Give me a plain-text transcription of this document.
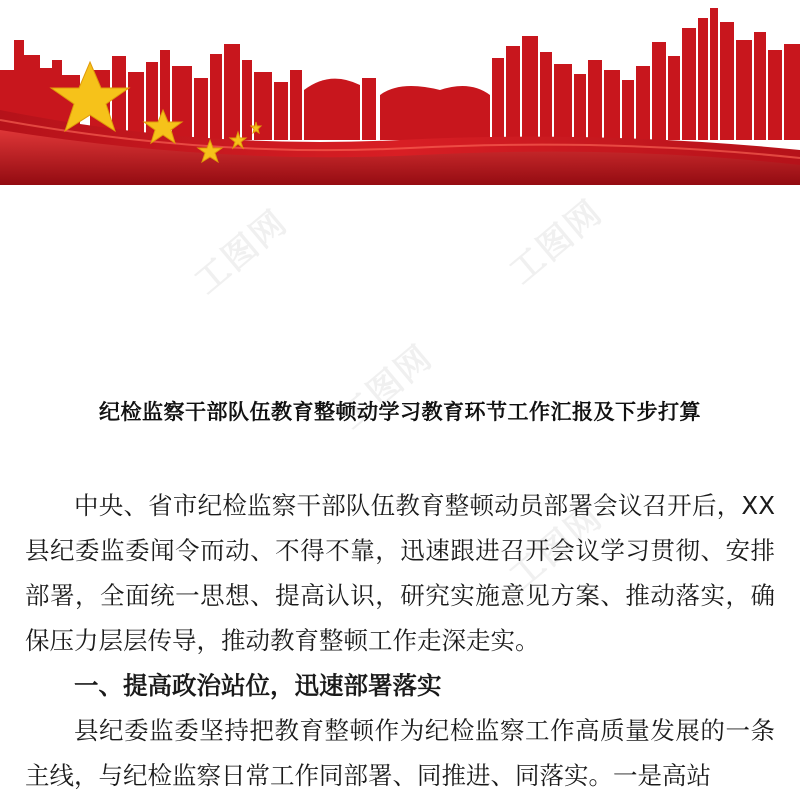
工图网	工图网
工图网
工图网
纪检监察干部队伍教育整顿动学习教育环节工作汇报及下步打算

中央、省市纪检监察干部队伍教育整顿动员部署会议召开后，XX 县纪委监委闻令而动、不得不靠，迅速跟进召开会议学习贯彻、安排部署，全面统一思想、提高认识，研究实施意见方案、推动落实，确保压力层层传导，推动教育整顿工作走深走实。

一、提高政治站位，迅速部署落实

县纪委监委坚持把教育整顿作为纪检监察工作高质量发展的一条主线，与纪检监察日常工作同部署、同推进、同落实。一是高站
